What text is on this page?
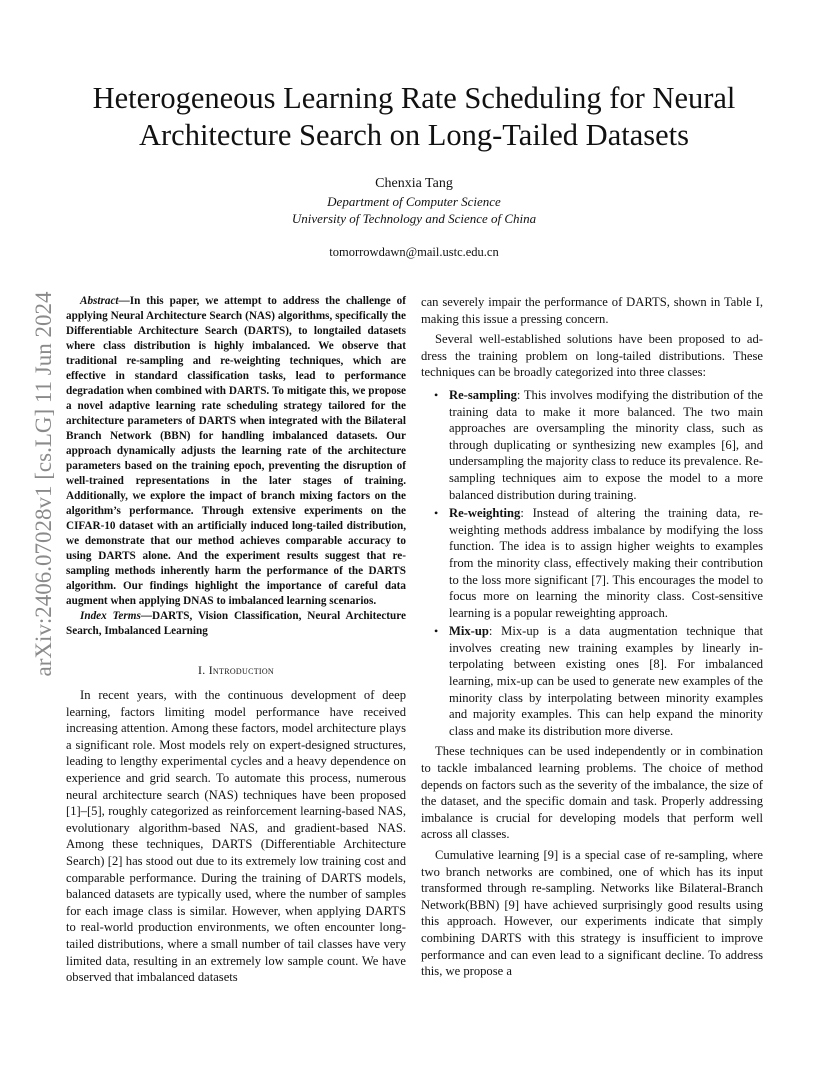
arXiv:2406.07028v1 [cs.LG] 11 Jun 2024
Heterogeneous Learning Rate Scheduling for Neural
Architecture Search on Long-Tailed Datasets
Chenxia Tang
Department of Computer Science
University of Technology and Science of China
tomorrowdawn@mail.ustc.edu.cn

Abstract—In this paper, we attempt to address the challenge of applying Neural Architecture Search (NAS) algorithms, specifically the Differentiable Architecture Search (DARTS), to longtailed datasets where class distribution is highly imbalanced. We observe that traditional re-sampling and re-weighting techniques, which are effective in standard classification tasks, lead to performance degradation when combined with DARTS. To mitigate this, we propose a novel adaptive learning rate scheduling strategy tailored for the architecture parameters of DARTS when integrated with the Bilateral Branch Network (BBN) for handling imbalanced datasets. Our approach dynamically adjusts the learning rate of the architecture parameters based on the training epoch, preventing the disruption of well-trained representations in the later stages of training. Additionally, we explore the impact of branch mixing factors on the algorithm’s performance. Through extensive experiments on the CIFAR-10 dataset with an artificially induced long-tailed distribution, we demonstrate that our method achieves comparable accuracy to using DARTS alone. And the experiment results suggest that re-sampling methods inherently harm the performance of the DARTS algorithm. Our findings highlight the importance of careful data augment when applying DNAS to imbalanced learning scenarios.

Index Terms—DARTS, Vision Classification, Neural Architecture Search, Imbalanced Learning

I. Introduction

In recent years, with the continuous development of deep learning, factors limiting model performance have received increasing attention. Among these factors, model architecture plays a significant role. Most models rely on expert-designed structures, leading to lengthy experimental cycles and a heavy dependence on experience and grid search. To automate this process, numerous neural architecture search (NAS) techniques have been proposed [1]–[5], roughly categorized as reinforcement learning-based NAS, evolutionary algorithm-based NAS, and gradient-based NAS. Among these techniques, DARTS (Differentiable Architecture Search) [2] has stood out due to its extremely low training cost and comparable performance. During the training of DARTS models, balanced datasets are typically used, where the number of samples for each image class is similar. However, when applying DARTS to real-world production environments, we often encounter long-tailed distributions, where a small number of tail classes have very limited data, resulting in an extremely low sample count. We have observed that imbalanced datasets

can severely impair the performance of DARTS, shown in Table I, making this issue a pressing concern.

Several well-established solutions have been proposed to address the training problem on long-tailed distributions. These techniques can be broadly categorized into three classes:

• Re-sampling: This involves modifying the distribution of the training data to make it more balanced. The two main approaches are oversampling the minority class, such as through duplicating or synthesizing new examples [6], and undersampling the majority class to reduce its prevalence. Re-sampling techniques aim to expose the model to a more balanced distribution during training.
• Re-weighting: Instead of altering the training data, reweighting methods address imbalance by modifying the loss function. The idea is to assign higher weights to examples from the minority class, effectively making their contribution to the loss more significant [7]. This encourages the model to focus more on learning the minority class. Cost-sensitive learning is a popular reweighting approach.
• Mix-up: Mix-up is a data augmentation technique that involves creating new training examples by linearly interpolating between existing ones [8]. For imbalanced learning, mix-up can be used to generate new examples of the minority class by interpolating between minority examples and majority examples. This can help expand the minority class and make its distribution more diverse.

These techniques can be used independently or in combination to tackle imbalanced learning problems. The choice of method depends on factors such as the severity of the imbalance, the size of the dataset, and the specific domain and task. Properly addressing imbalance is crucial for developing models that perform well across all classes.

Cumulative learning [9] is a special case of re-sampling, where two branch networks are combined, one of which has its input transformed through re-sampling. Networks like Bilateral-Branch Network(BBN) [9] have achieved surprisingly good results using this approach. However, our experiments indicate that simply combining DARTS with this strategy is insufficient to improve performance and can even lead to a significant decline. To address this, we propose a
